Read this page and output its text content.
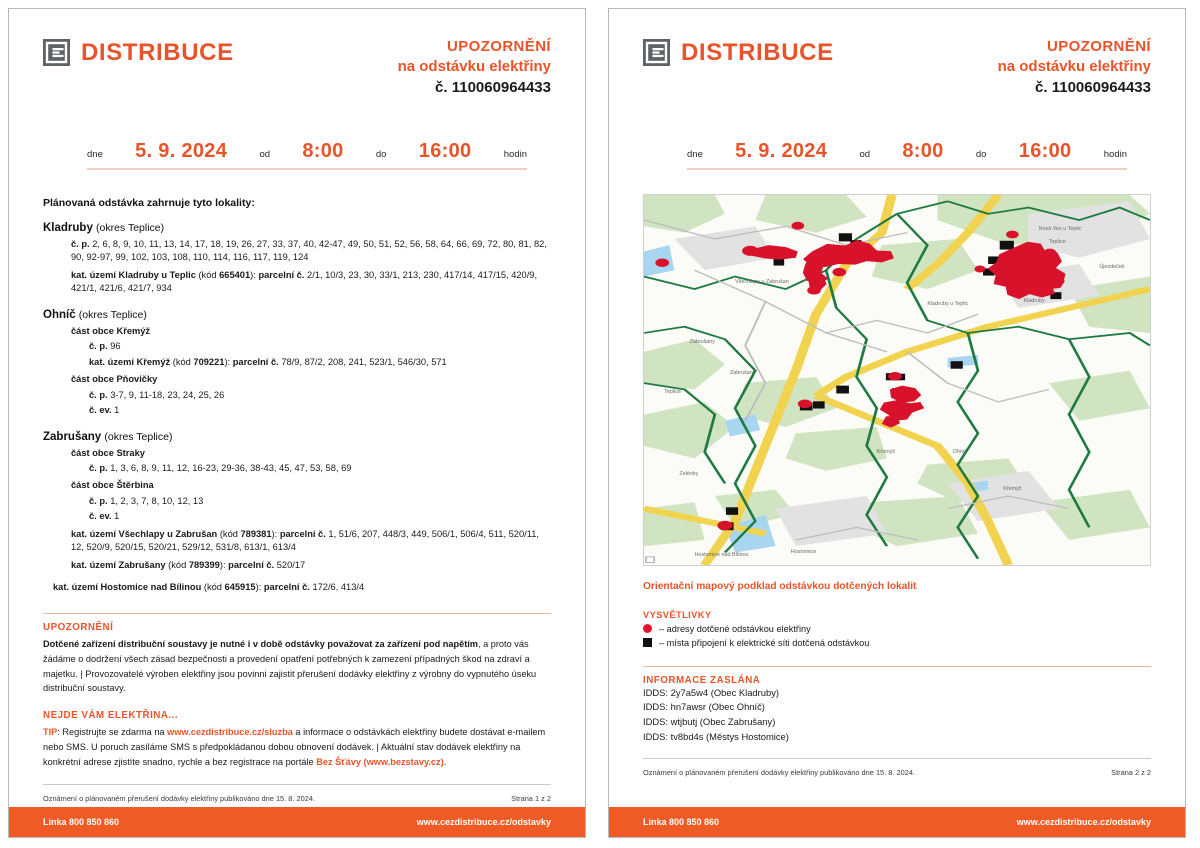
DISTRIBUCE	UPOZORNĚNÍ
na odstávku elektřiny
č. 110060964433
dne 5. 9. 2024	od 8:00	do 16:00	hodin
Plánovaná odstávka zahrnuje tyto lokality:
Kladruby (okres Teplice)
č. p. 2, 6, 8, 9, 10, 11, 13, 14, 17, 18, 19, 26, 27, 33, 37, 40, 42-47, 49, 50, 51, 52, 56, 58, 64, 66, 69, 72, 80, 81, 82, 90, 92-97, 99, 102, 103, 108, 110, 114, 116, 117, 119, 124
kat. území Kladruby u Teplic (kód 665401): parcelní č. 2/1, 10/3, 23, 30, 33/1, 213, 230, 417/14, 417/15, 420/9, 421/1, 421/6, 421/7, 934
Ohníč (okres Teplice)
část obce Křemýž
č. p. 96
kat. území Křemýž (kód 709221): parcelní č. 78/9, 87/2, 208, 241, 523/1, 546/30, 571
část obce Pňovičky
č. p. 3-7, 9, 11-18, 23, 24, 25, 26
č. ev. 1
Zabrušany (okres Teplice)
část obce Straky
č. p. 1, 3, 6, 8, 9, 11, 12, 16-23, 29-36, 38-43, 45, 47, 53, 58, 69
část obce Štěrbina
č. p. 1, 2, 3, 7, 8, 10, 12, 13
č. ev. 1
kat. území Všechlapy u Zabrušan (kód 789381): parcelní č. 1, 51/6, 207, 448/3, 449, 506/1, 506/4, 511, 520/11, 12, 520/9, 520/15, 520/21, 529/12, 531/8, 613/1, 613/4
kat. území Zabrušany (kód 789399): parcelní č. 520/17
kat. území Hostomice nad Bílinou (kód 645915): parcelní č. 172/6, 413/4
UPOZORNĚNÍ
Dotčené zařízení distribuční soustavy je nutné i v době odstávky považovat za zařízení pod napětím, a proto vás žádáme o dodržení všech zásad bezpečnosti a provedení opatření potřebných k zamezení případných škod na zdraví a majetku. | Provozovatelé výroben elektřiny jsou povinni zajistit přerušení dodávky elektřiny z výrobny do vypnutého úseku distribuční soustavy.
NEJDE VÁM ELEKTŘINA...
TIP: Registrujte se zdarma na www.cezdistribuce.cz/sluzba a informace o odstávkách elektřiny budete dostávat e-mailem nebo SMS. U poruch zasíláme SMS s předpokládanou dobou obnovení dodávek. | Aktuální stav dodávek elektřiny na konkrétní adrese zjistíte snadno, rychle a bez registrace na portále Bez Šťávy (www.bezstavy.cz).
Oznámení o plánovaném přerušení dodávky elektřiny publikováno dne 15. 8. 2024.	Strana 1 z 2
Linka 800 850 860	www.cezdistribuce.cz/odstavky
DISTRIBUCE	UPOZORNĚNÍ
na odstávku elektřiny
č. 110060964433
dne 5. 9. 2024	od 8:00	do 16:00	hodin
Nová Ves u Teplic
Teplice
Újezdeček
Kladruby
Kladruby u Teplic
Všechlapy u Zabrušan
Zabrušany
Zabrušany
Teplice
Křemýž	Ohníč
Křemýž
Zelénky
Hostomice nad Bílinou
Hostomice
Orientační mapový podklad odstávkou dotčených lokalit
VYSVĚTLIVKY
– adresy dotčené odstávkou elektřiny
– místa připojení k elektrické síti dotčená odstávkou
INFORMACE ZASLÁNA
IDDS: 2y7a5w4 (Obec Kladruby)
IDDS: hn7awsr (Obec Ohníč)
IDDS: wtjbutj (Obec Zabrušany)
IDDS: tv8bd4s (Městys Hostomice)
Oznámení o plánovaném přerušení dodávky elektřiny publikováno dne 15. 8. 2024.	Strana 2 z 2
Linka 800 850 860	www.cezdistribuce.cz/odstavky
